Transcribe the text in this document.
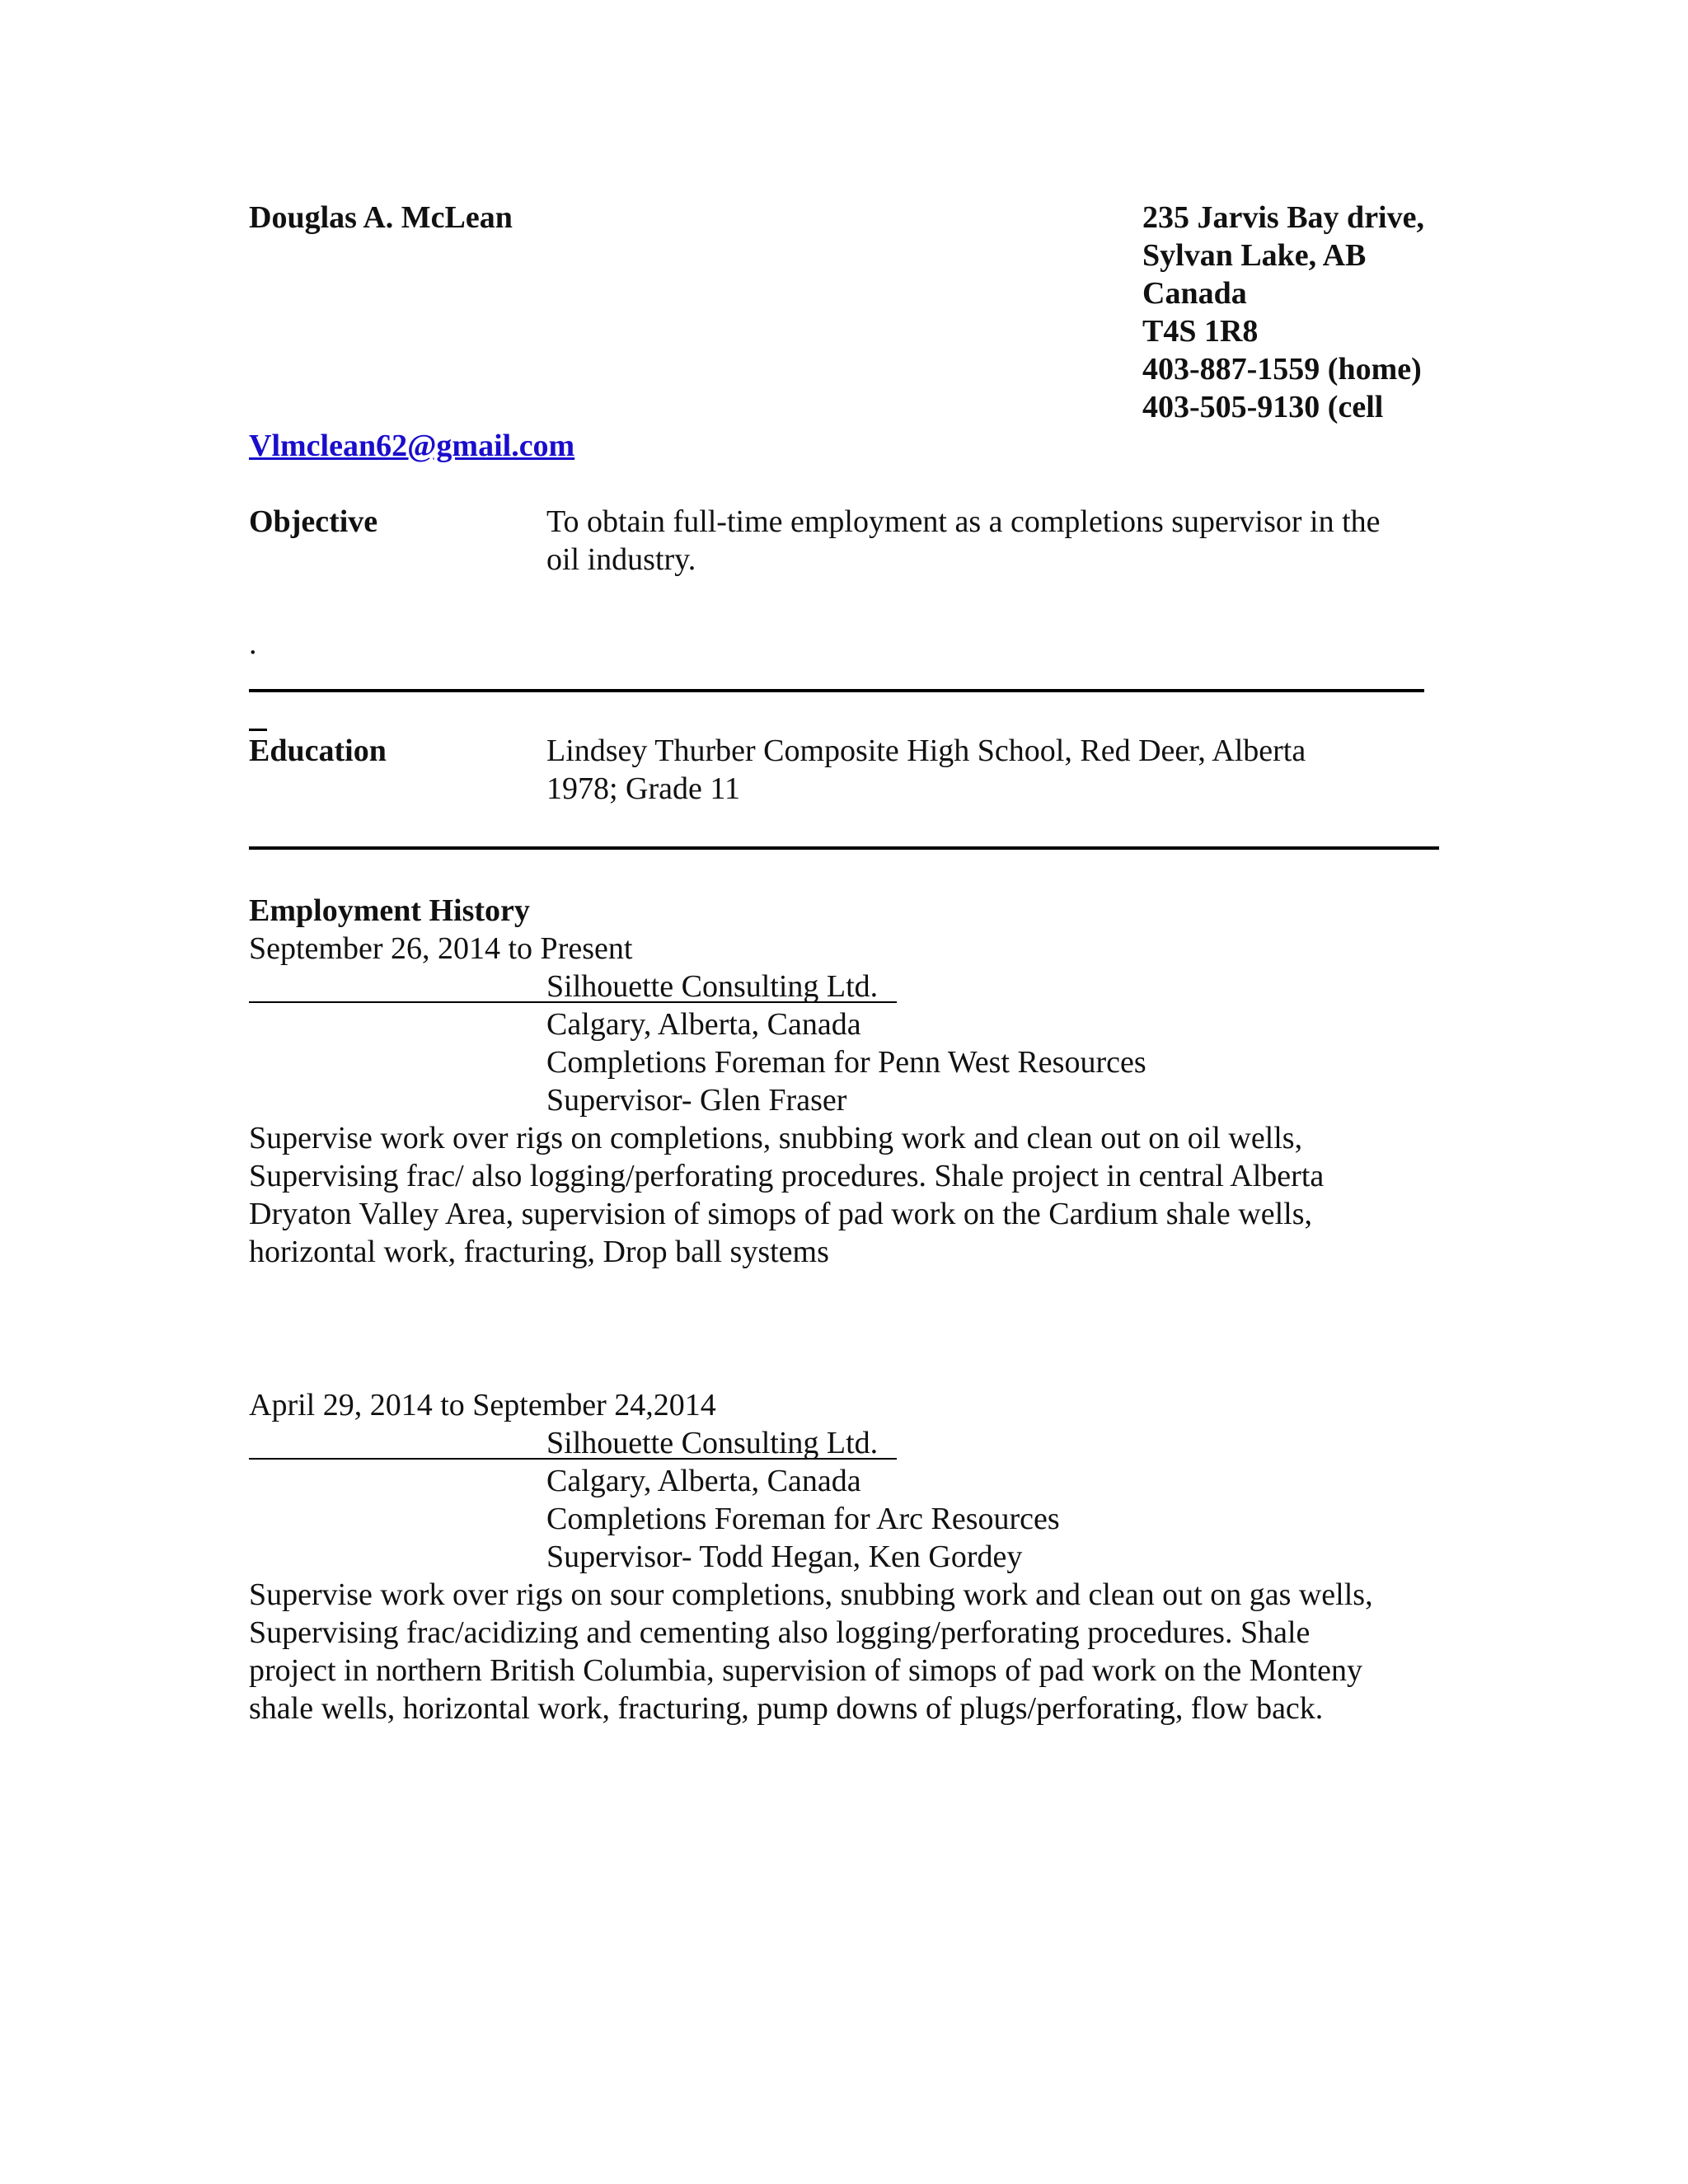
Douglas A. McLean	235 Jarvis Bay drive,
Sylvan Lake, AB
Canada
T4S 1R8
403-887-1559 (home)
403-505-9130 (cell
Vlmclean62@gmail.com
Objective	To obtain full-time employment as a completions supervisor in the
oil industry.
.
Education	Lindsey Thurber Composite High School, Red Deer, Alberta
1978; Grade 11
Employment History
September 26, 2014 to Present
Silhouette Consulting Ltd.
Calgary, Alberta, Canada
Completions Foreman for Penn West Resources
Supervisor- Glen Fraser
Supervise work over rigs on completions, snubbing work and clean out on oil wells,
Supervising frac/ also logging/perforating procedures. Shale project in central Alberta
Dryaton Valley Area, supervision of simops of pad work on the Cardium shale wells,
horizontal work, fracturing, Drop ball systems
April 29, 2014 to September 24,2014
Silhouette Consulting Ltd.
Calgary, Alberta, Canada
Completions Foreman for Arc Resources
Supervisor- Todd Hegan, Ken Gordey
Supervise work over rigs on sour completions, snubbing work and clean out on gas wells,
Supervising frac/acidizing and cementing also logging/perforating procedures. Shale
project in northern British Columbia, supervision of simops of pad work on the Monteny
shale wells, horizontal work, fracturing, pump downs of plugs/perforating, flow back.
